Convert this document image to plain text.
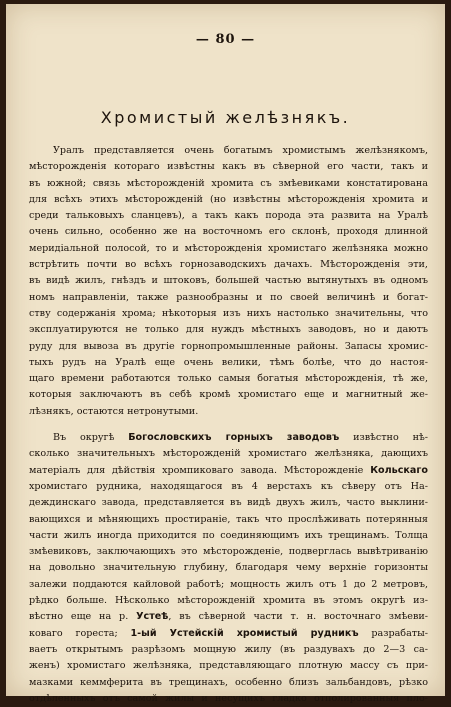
— 80 —
Хромистый желѣзнякъ.
Уралъ представляется очень богатымъ хромистымъ желѣзнякомъ,
мѣсторожденія котораго извѣстны какъ въ сѣверной его части, такъ и
въ южной; связь мѣсторожденій хромита съ змѣевиками констатирована
для всѣхъ этихъ мѣсторожденій (но извѣстны мѣсторожденія хромита и
среди тальковыхъ сланцевъ), а такъ какъ порода эта развита на Уралѣ
очень сильно, особенно же на восточномъ его склонѣ, проходя длинной
меридіальной полосой, то и мѣсторожденія хромистаго желѣзняка можно
встрѣтить почти во всѣхъ горнозаводскихъ дачахъ. Мѣсторожденія эти,
въ видѣ жилъ, гнѣздъ и штоковъ, большей частью вытянутыхъ въ одномъ
номъ направленіи, также разнообразны и по своей величинѣ и богат-
ству содержанія хрома; нѣкоторыя изъ нихъ настолько значительны, что
эксплуатируются не только для нуждъ мѣстныхъ заводовъ, но и даютъ
руду для вывоза въ другіе горнопромышленные районы. Запасы хромис-
тыхъ рудъ на Уралѣ еще очень велики, тѣмъ болѣе, что до настоя-
щаго времени работаются только самыя богатыя мѣсторожденія, тѣ же,
которыя заключаютъ въ себѣ кромѣ хромистаго еще и магнитный же-
лѣзнякъ, остаются нетронутыми.
Въ округѣ Богословскихъ горныхъ заводовъ извѣстно нѣ-
сколько значительныхъ мѣсторожденій хромистаго желѣзняка, дающихъ
матеріалъ для дѣйствія хромпиковаго завода. Мѣсторожденіе Кольскаго
хромистаго рудника, находящагося въ 4 верстахъ къ сѣверу отъ На-
деждинскаго завода, представляется въ видѣ двухъ жилъ, часто выклини-
вающихся и мѣняющихъ простираніе, такъ что прослѣживать потерянныя
части жилъ иногда приходится по соединяющимъ ихъ трещинамъ. Толща
змѣевиковъ, заключающихъ это мѣсторожденіе, подверглась вывѣтриванію
на довольно значительную глубину, благодаря чему верхніе горизонты
залежи поддаются кайловой работѣ; мощность жилъ отъ 1 до 2 метровъ,
рѣдко больше. Нѣсколько мѣсторожденій хромита въ этомъ округѣ из-
вѣстно еще на р. Устеѣ, въ сѣверной части т. н. восточнаго змѣеви-
коваго гореста; 1-ый Устейскій хромистый рудникъ разрабаты-
ваетъ открытымъ разрѣзомъ мощную жилу (въ раздувахъ до 2—3 са-
женъ) хромистаго желѣзняка, представляющаго плотную массу съ при-
мазками кеммферита въ трещинахъ, особенно близъ зальбандовъ, рѣзко
отдѣленныхъ отъ самой жилы и несущихъ гладко отполированныя пло-
